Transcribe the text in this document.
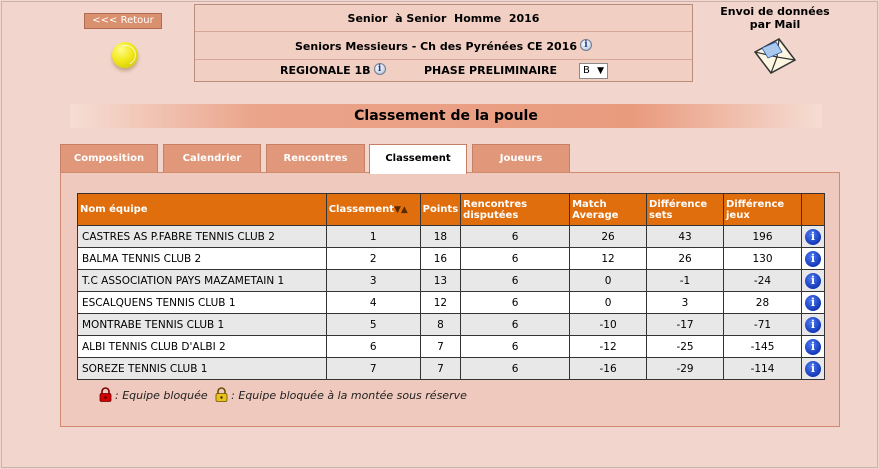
<<< Retour	Senior  à Senior  Homme  2016
Seniors Messieurs - Ch des Pyrénées CE 2016 i
REGIONALE 1B i	PHASE PRELIMINAIRE	B ▼
Envoi de données
par Mail
Classement de la poule
Composition	Calendrier	Rencontres	Classement	Joueurs
Nom équipe	Classement▼▲	Points	Rencontres disputées	Match Average	Différence sets	Différence jeux	
CASTRES AS P.FABRE TENNIS CLUB 2	1	18	6	26	43	196	i
BALMA TENNIS CLUB 2	2	16	6	12	26	130	i
T.C ASSOCIATION PAYS MAZAMETAIN 1	3	13	6	0	-1	-24	i
ESCALQUENS TENNIS CLUB 1	4	12	6	0	3	28	i
MONTRABE TENNIS CLUB 1	5	8	6	-10	-17	-71	i
ALBI TENNIS CLUB D'ALBI 2	6	7	6	-12	-25	-145	i
SOREZE TENNIS CLUB 1	7	7	6	-16	-29	-114	i
: Equipe bloquée : Equipe bloquée à la montée sous réserve
